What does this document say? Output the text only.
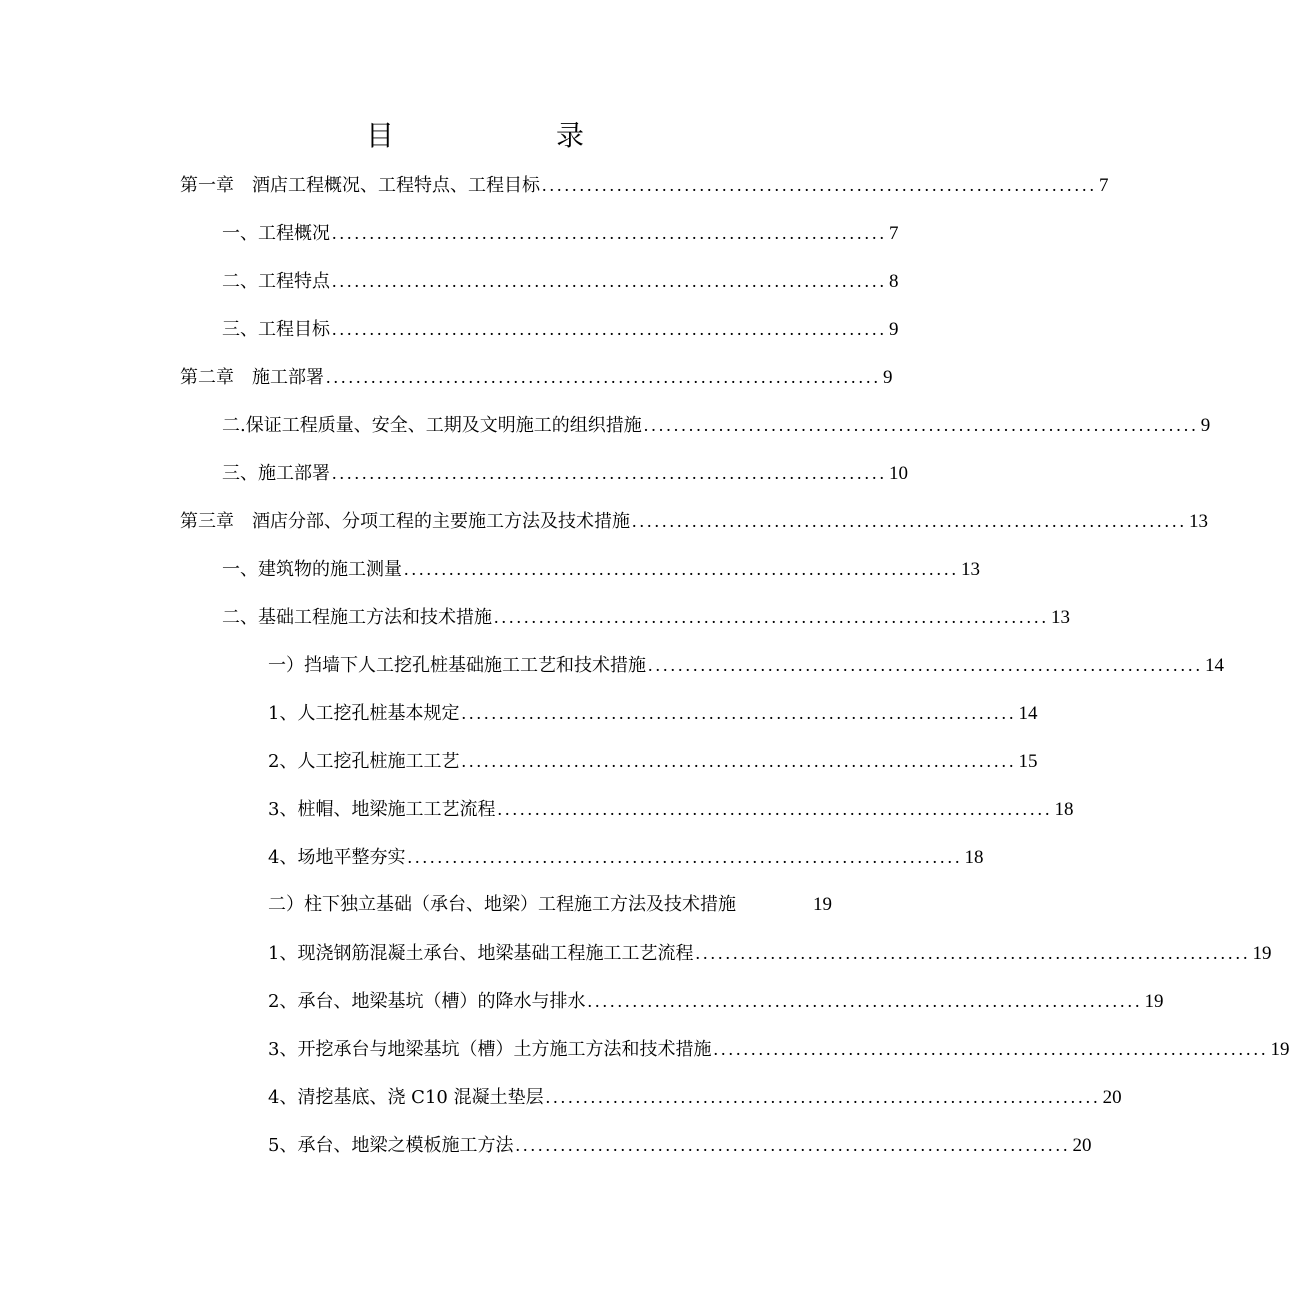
目	录
第一章　酒店工程概况、工程特点、工程目标 .......................................................................... 7
一、工程概况 .......................................................................... 7
二、工程特点 .......................................................................... 8
三、工程目标 .......................................................................... 9
第二章　施工部署 .......................................................................... 9
二.保证工程质量、安全、工期及文明施工的组织措施 .......................................................................... 9
三、施工部署 .......................................................................... 10
第三章　酒店分部、分项工程的主要施工方法及技术措施 .......................................................................... 13
一、建筑物的施工测量 .......................................................................... 13
二、基础工程施工方法和技术措施 .......................................................................... 13
一）挡墙下人工挖孔桩基础施工工艺和技术措施 .......................................................................... 14
1、人工挖孔桩基本规定 .......................................................................... 14
2、人工挖孔桩施工工艺 .......................................................................... 15
3、桩帽、地梁施工工艺流程 .......................................................................... 18
4、场地平整夯实 .......................................................................... 18
二）柱下独立基础（承台、地梁）工程施工方法及技术措施	19
1、现浇钢筋混凝土承台、地梁基础工程施工工艺流程 .......................................................................... 19
2、承台、地梁基坑（槽）的降水与排水 .......................................................................... 19
3、开挖承台与地梁基坑（槽）土方施工方法和技术措施 .......................................................................... 19
4、清挖基底、浇 C10 混凝土垫层 .......................................................................... 20
5、承台、地梁之模板施工方法 .......................................................................... 20
